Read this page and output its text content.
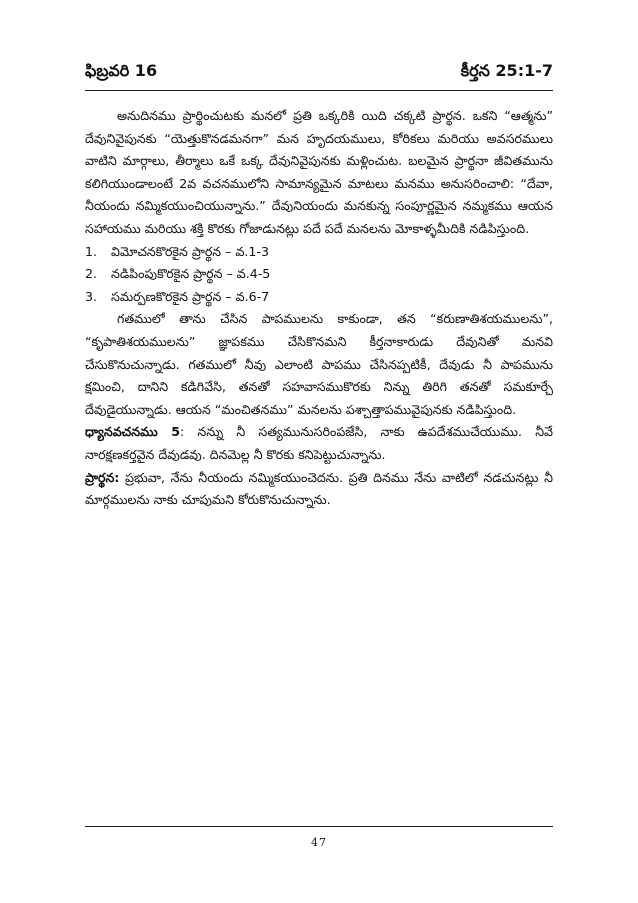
ఫిబ్రవరి 16	కీర్తన 25:1-7

అనుదినము ప్రార్థించుటకు మనలో ప్రతి ఒక్కరికి యిది చక్కటి ప్రార్థన. ఒకని “ఆత్మను” దేవునివైపునకు “యెత్తుకొనడమనగా” మన హృదయములు, కోరికలు మరియు అవసరములు వాటిని మార్గాలు, తీర్మాలు ఒకే ఒక్క దేవునివైపునకు మళ్లించుట. బలమైన ప్రార్థనా జీవితమును కలిగియుండాలంటే 2వ వచనములోని సామాన్యమైన మాటలు మనము అనుసరించాలి: “దేవా, నీయందు నమ్మికయుంచియున్నాను.” దేవునియందు మనకున్న సంపూర్ణమైన నమ్మకము ఆయన సహాయము మరియు శక్తి కొరకు గోజాడునట్లు పదే పదే మనలను మోకాళ్ళమీదికి నడిపిస్తుంది.

1.	విమోచనకొరకైన ప్రార్థన – వ.1-3
2.	నడిపింపుకొరకైన ప్రార్థన – వ.4-5
3.	సమర్పణకొరకైన ప్రార్థన – వ.6-7

గతములో తాను చేసిన పాపములను కాకుండా, తన “కరుణాతిశయములను”, “కృపాతిశయములను” జ్ఞాపకము చేసికొనమని కీర్తనాకారుడు దేవునితో మనవి చేసుకొనుచున్నాడు. గతములో నీవు ఎలాంటి పాపము చేసినప్పటికీ, దేవుడు నీ పాపమును క్షమించి, దానిని కడిగివేసి, తనతో సహవాసముకొరకు నిన్ను తిరిగి తనతో సమకూర్చే దేవుడైయున్నాడు. ఆయన “మంచితనము” మనలను పశ్చాత్తాపమువైపునకు నడిపిస్తుంది.

ధ్యానవచనము 5: నన్ను నీ సత్యమునుసరింపజేసి, నాకు ఉపదేశముచేయుము. నీవే నారక్షణకర్తవైన దేవుడవు. దినమెల్ల నీ కొరకు కనిపెట్టుచున్నాను.

ప్రార్థన: ప్రభువా, నేను నీయందు నమ్మికయుంచెదను. ప్రతి దినము నేను వాటిలో నడచునట్లు నీ మార్గములను నాకు చూపుమని కోరుకొనుచున్నాను.

47
